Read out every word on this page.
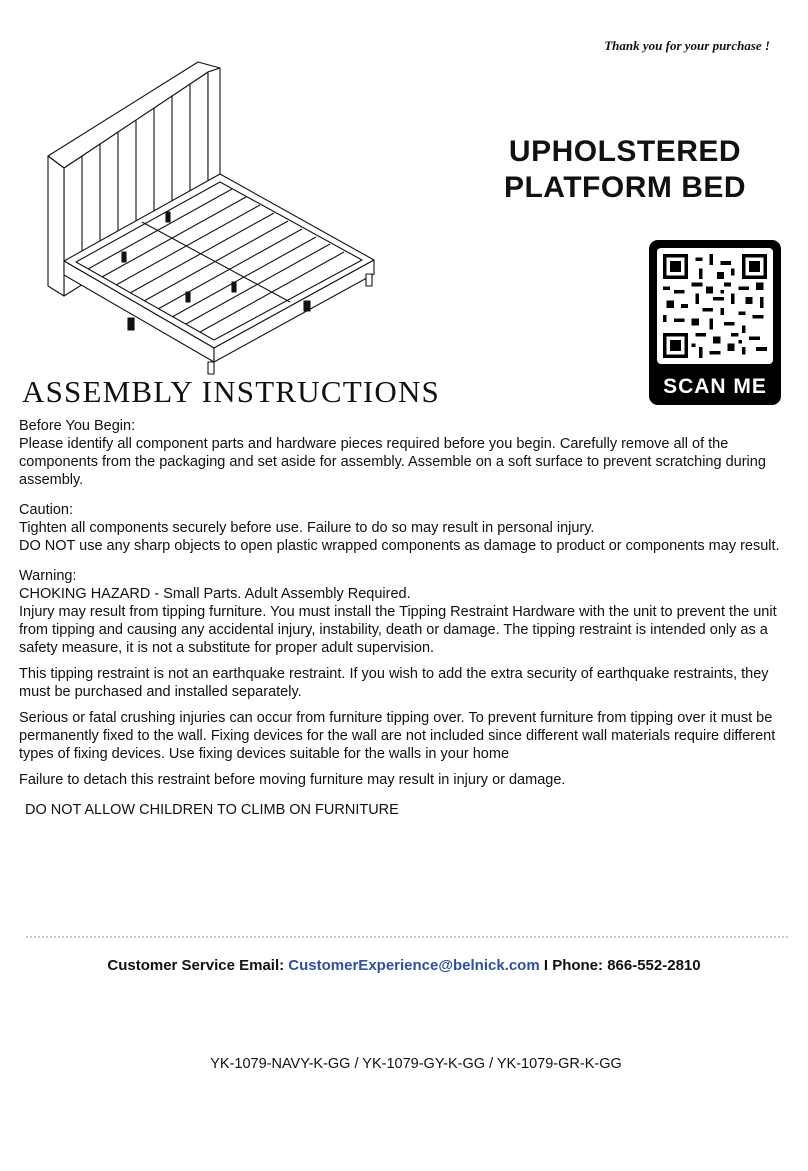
Thank you for your purchase !
UPHOLSTERED
PLATFORM BED
SCAN ME
ASSEMBLY INSTRUCTIONS

Before You Begin:

Please identify all component parts and hardware pieces required before you begin. Carefully remove all of the components from the packaging and set aside for assembly. Assemble on a soft surface to prevent scratching during assembly.

Caution:

Tighten all components securely before use. Failure to do so may result in personal injury.

DO NOT use any sharp objects to open plastic wrapped components as damage to product or components may result.

Warning:

CHOKING HAZARD - Small Parts. Adult Assembly Required.

Injury may result from tipping furniture. You must install the Tipping Restraint Hardware with the unit to prevent the unit from tipping and causing any accidental injury, instability, death or damage. The tipping restraint is intended only as a safety measure, it is not a substitute for proper adult supervision.

This tipping restraint is not an earthquake restraint. If you wish to add the extra security of earthquake restraints, they must be purchased and installed separately.

Serious or fatal crushing injuries can occur from furniture tipping over. To prevent furniture from tipping over it must be permanently fixed to the wall. Fixing devices for the wall are not included since different wall materials require different types of fixing devices. Use fixing devices suitable for the walls in your home

Failure to detach this restraint before moving furniture may result in injury or damage.

DO NOT ALLOW CHILDREN TO CLIMB ON FURNITURE

Customer Service Email: CustomerExperience@belnick.com I Phone: 866-552-2810
YK-1079-NAVY-K-GG / YK-1079-GY-K-GG / YK-1079-GR-K-GG
